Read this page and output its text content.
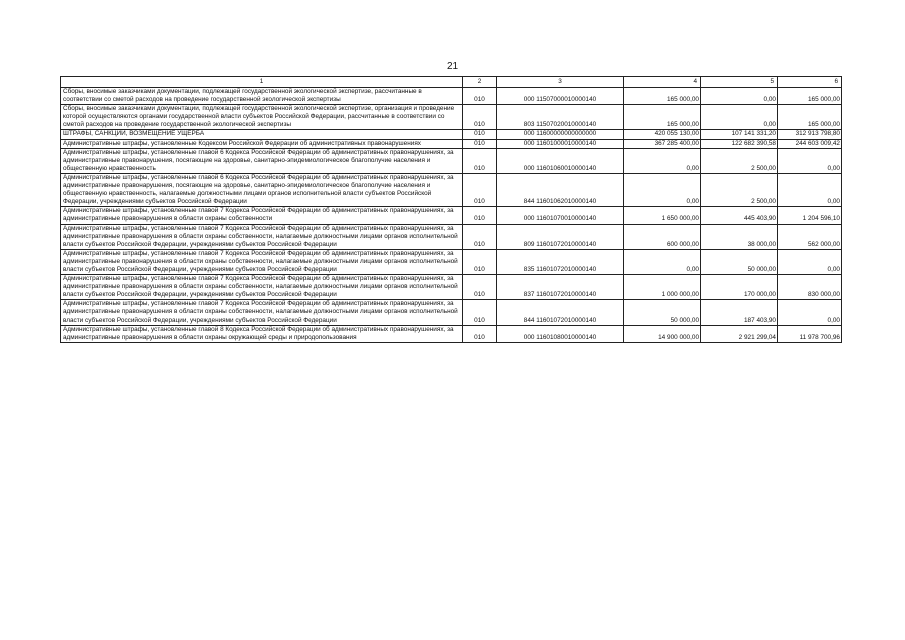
21
1	2	3	4	5	6
Сборы, вносимые заказчиками документации, подлежащей государственной экологической экспертизе, рассчитанные в соответствии со сметой расходов на проведение государственной экологической экспертизы	010	000 11507000010000140	165 000,00	0,00	165 000,00
Сборы, вносимые заказчиками документации, подлежащей государственной экологической экспертизе, организация и проведение которой осуществляются органами государственной власти субъектов Российской Федерации, рассчитанные в соответствии со сметой расходов на проведение государственной экологической экспертизы	010	803 11507020010000140	165 000,00	0,00	165 000,00
ШТРАФЫ, САНКЦИИ, ВОЗМЕЩЕНИЕ УЩЕРБА	010	000 11600000000000000	420 055 130,00	107 141 331,20	312 913 798,80
Административные штрафы, установленные Кодексом Российской Федерации об административных правонарушениях	010	000 11601000010000140	367 285 400,00	122 682 390,58	244 603 009,42
Административные штрафы, установленные главой 6 Кодекса Российской Федерации об административных правонарушениях, за административные правонарушения, посягающие на здоровье, санитарно-эпидемиологическое благополучие населения и общественную нравственность	010	000 11601060010000140	0,00	2 500,00	0,00
Административные штрафы, установленные главой 6 Кодекса Российской Федерации об административных правонарушениях, за административные правонарушения, посягающие на здоровье, санитарно-эпидемиологическое благополучие населения и общественную нравственность, налагаемые должностными лицами органов исполнительной власти субъектов Российской Федерации, учреждениями субъектов Российской Федерации	010	844 11601062010000140	0,00	2 500,00	0,00
Административные штрафы, установленные главой 7 Кодекса Российской Федерации об административных правонарушениях, за административные правонарушения в области охраны собственности	010	000 11601070010000140	1 650 000,00	445 403,90	1 204 596,10
Административные штрафы, установленные главой 7 Кодекса Российской Федерации об административных правонарушениях, за административные правонарушения в области охраны собственности, налагаемые должностными лицами органов исполнительной власти субъектов Российской Федерации, учреждениями субъектов Российской Федерации	010	809 11601072010000140	600 000,00	38 000,00	562 000,00
Административные штрафы, установленные главой 7 Кодекса Российской Федерации об административных правонарушениях, за административные правонарушения в области охраны собственности, налагаемые должностными лицами органов исполнительной власти субъектов Российской Федерации, учреждениями субъектов Российской Федерации	010	835 11601072010000140	0,00	50 000,00	0,00
Административные штрафы, установленные главой 7 Кодекса Российской Федерации об административных правонарушениях, за административные правонарушения в области охраны собственности, налагаемые должностными лицами органов исполнительной власти субъектов Российской Федерации, учреждениями субъектов Российской Федерации	010	837 11601072010000140	1 000 000,00	170 000,00	830 000,00
Административные штрафы, установленные главой 7 Кодекса Российской Федерации об административных правонарушениях, за административные правонарушения в области охраны собственности, налагаемые должностными лицами органов исполнительной власти субъектов Российской Федерации, учреждениями субъектов Российской Федерации	010	844 11601072010000140	50 000,00	187 403,90	0,00
Административные штрафы, установленные главой 8 Кодекса Российской Федерации об административных правонарушениях, за административные правонарушения в области охраны окружающей среды и природопользования	010	000 11601080010000140	14 900 000,00	2 921 299,04	11 978 700,96
